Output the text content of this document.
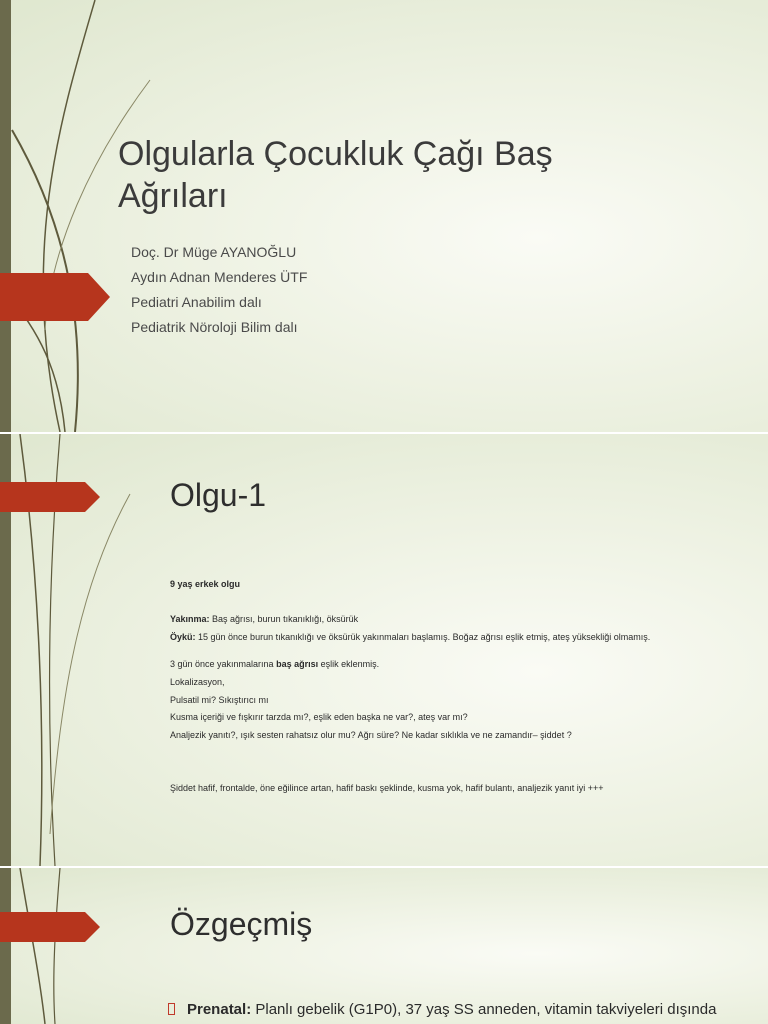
Olgularla Çocukluk Çağı Baş
Ağrıları
Doç. Dr Müge AYANOĞLU
Aydın Adnan Menderes ÜTF
Pediatri Anabilim dalı
Pediatrik Nöroloji Bilim dalı
Olgu-1
9 yaş erkek olgu
Yakınma: Baş ağrısı, burun tıkanıklığı, öksürük
Öykü: 15 gün önce burun tıkanıklığı ve öksürük yakınmaları başlamış. Boğaz ağrısı eşlik etmiş, ateş yüksekliği olmamış.
3 gün önce yakınmalarına baş ağrısı eşlik eklenmiş.
Lokalizasyon,
Pulsatil mi? Sıkıştırıcı mı
Kusma içeriği ve fışkırır tarzda mı?, eşlik eden başka ne var?, ateş var mı?
Analjezik yanıtı?, ışık sesten rahatsız olur mu? Ağrı süre? Ne kadar sıklıkla ve ne zamandır– şiddet ?
Şiddet hafif, frontalde, öne eğilince artan, hafif baskı şeklinde, kusma yok, hafif bulantı, analjezik yanıt iyi +++
Özgeçmiş
Prenatal: Planlı gebelik (G1P0), 37 yaş SS anneden, vitamin takviyeleri dışında
